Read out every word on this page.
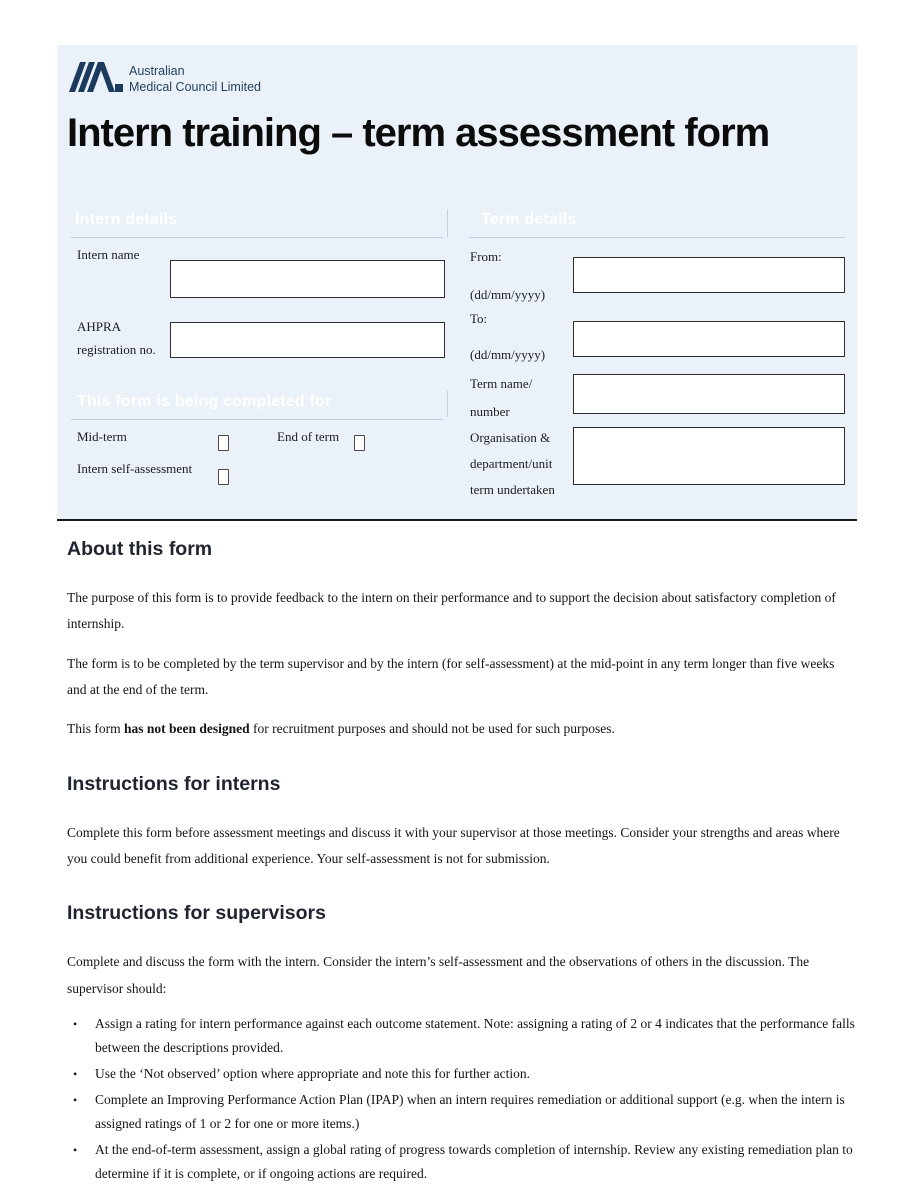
Australian
Medical Council Limited
Intern training – term assessment form
Intern details	Term details
Intern name
AHPRA
registration no.
This form is being completed for
Mid-term	End of term
Intern self-assessment
From:
(dd/mm/yyyy)
To:
(dd/mm/yyyy)
Term name/
number
Organisation &
department/unit
term undertaken
About this form

The purpose of this form is to provide feedback to the intern on their performance and to support the decision about satisfactory completion of internship.

The form is to be completed by the term supervisor and by the intern (for self-assessment) at the mid-point in any term longer than five weeks and at the end of the term.

This form has not been designed for recruitment purposes and should not be used for such purposes.

Instructions for interns

Complete this form before assessment meetings and discuss it with your supervisor at those meetings. Consider your strengths and areas where you could benefit from additional experience. Your self-assessment is not for submission.

Instructions for supervisors

Complete and discuss the form with the intern. Consider the intern’s self-assessment and the observations of others in the discussion. The supervisor should:

•	Assign a rating for intern performance against each outcome statement. Note: assigning a rating of 2 or 4 indicates that the performance falls between the descriptions provided.
•	Use the ‘Not observed’ option where appropriate and note this for further action.
•	Complete an Improving Performance Action Plan (IPAP) when an intern requires remediation or additional support (e.g. when the intern is assigned ratings of 1 or 2 for one or more items.)
•	At the end-of-term assessment, assign a global rating of progress towards completion of internship. Review any existing remediation plan to determine if it is complete, or if ongoing actions are required.
